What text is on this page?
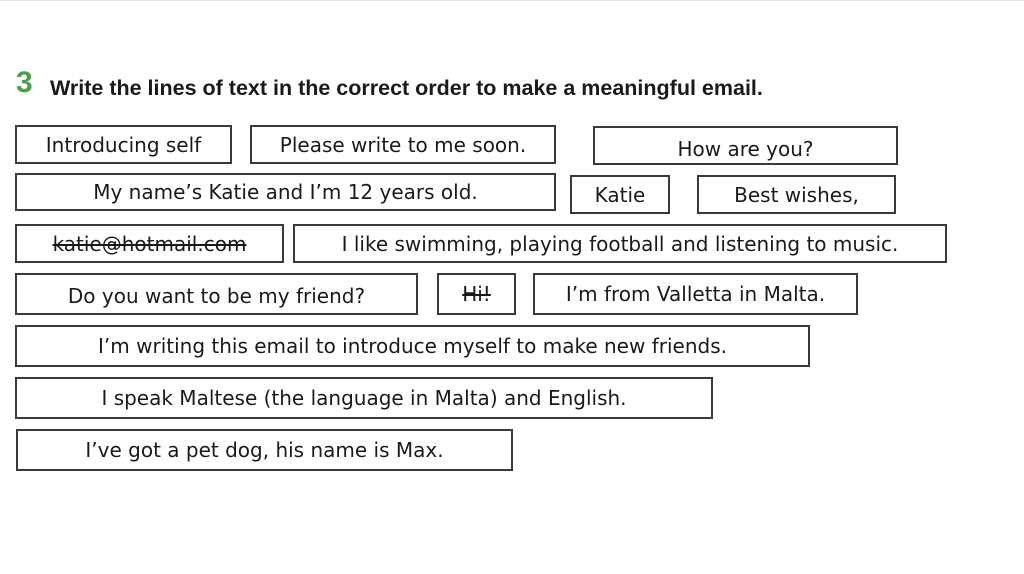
3 Write the lines of text in the correct order to make a meaningful email.
Introducing self	Please write to me soon.	How are you?
My name’s Katie and I’m 12 years old.	Katie	Best wishes,
katie@hotmail.com	I like swimming, playing football and listening to music.
Do you want to be my friend?	Hi!	I’m from Valletta in Malta.
I’m writing this email to introduce myself to make new friends.
I speak Maltese (the language in Malta) and English.
I’ve got a pet dog, his name is Max.
